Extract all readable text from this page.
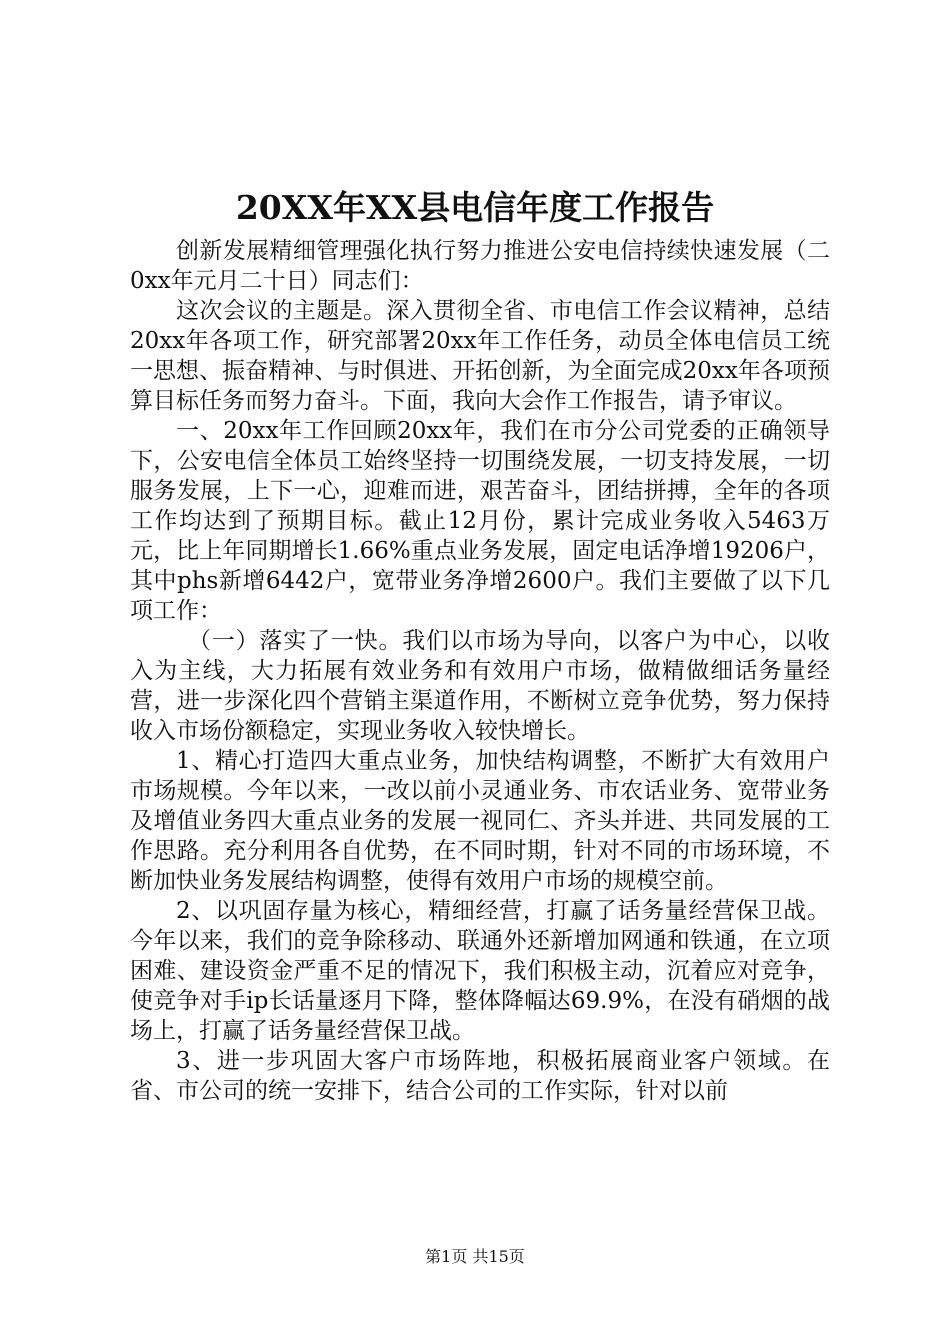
20XX年XX县电信年度工作报告

创新发展精细管理强化执行努力推进公安电信持续快速发展（二0xx年元月二十日）同志们：

这次会议的主题是。深入贯彻全省、市电信工作会议精神，总结20xx年各项工作，研究部署20xx年工作任务，动员全体电信员工统一思想、振奋精神、与时俱进、开拓创新，为全面完成20xx年各项预算目标任务而努力奋斗。下面，我向大会作工作报告，请予审议。

一、20xx年工作回顾20xx年，我们在市分公司党委的正确领导下，公安电信全体员工始终坚持一切围绕发展，一切支持发展，一切服务发展，上下一心，迎难而进，艰苦奋斗，团结拼搏，全年的各项工作均达到了预期目标。截止12月份，累计完成业务收入5463万元，比上年同期增长1.66%重点业务发展，固定电话净增19206户，其中phs新增6442户，宽带业务净增2600户。我们主要做了以下几项工作：

（一）落实了一快。我们以市场为导向，以客户为中心，以收入为主线，大力拓展有效业务和有效用户市场，做精做细话务量经营，进一步深化四个营销主渠道作用，不断树立竞争优势，努力保持收入市场份额稳定，实现业务收入较快增长。

1、精心打造四大重点业务，加快结构调整，不断扩大有效用户市场规模。今年以来，一改以前小灵通业务、市农话业务、宽带业务及增值业务四大重点业务的发展一视同仁、齐头并进、共同发展的工作思路。充分利用各自优势，在不同时期，针对不同的市场环境，不断加快业务发展结构调整，使得有效用户市场的规模空前。

2、以巩固存量为核心，精细经营，打赢了话务量经营保卫战。今年以来，我们的竞争除移动、联通外还新增加网通和铁通，在立项困难、建设资金严重不足的情况下，我们积极主动，沉着应对竞争，使竞争对手ip长话量逐月下降，整体降幅达69.9%，在没有硝烟的战场上，打赢了话务量经营保卫战。

3、进一步巩固大客户市场阵地，积极拓展商业客户领域。在省、市公司的统一安排下，结合公司的工作实际，针对以前

第1页 共15页
